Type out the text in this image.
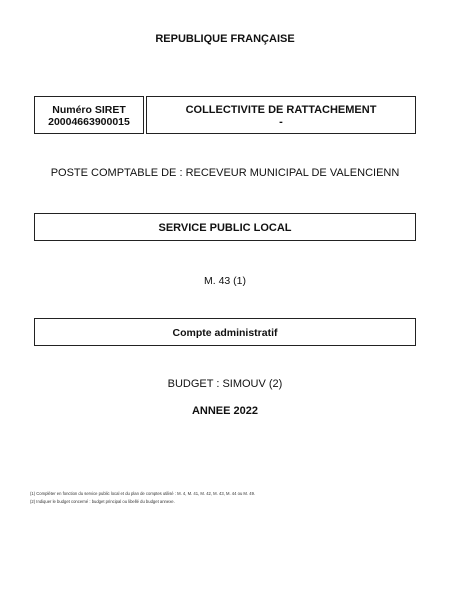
REPUBLIQUE FRANÇAISE
Numéro SIRET
20004663900015
COLLECTIVITE DE RATTACHEMENT
-
POSTE COMPTABLE DE : RECEVEUR MUNICIPAL DE VALENCIENN
SERVICE PUBLIC LOCAL
M. 43 (1)
Compte administratif
BUDGET : SIMOUV (2)
ANNEE 2022
(1) Compléter en fonction du service public local et du plan de comptes utilisé : M. 4, M. 41, M. 42, M. 43, M. 44 ou M. 49.
(2) Indiquer le budget concerné : budget principal ou libellé du budget annexe.
